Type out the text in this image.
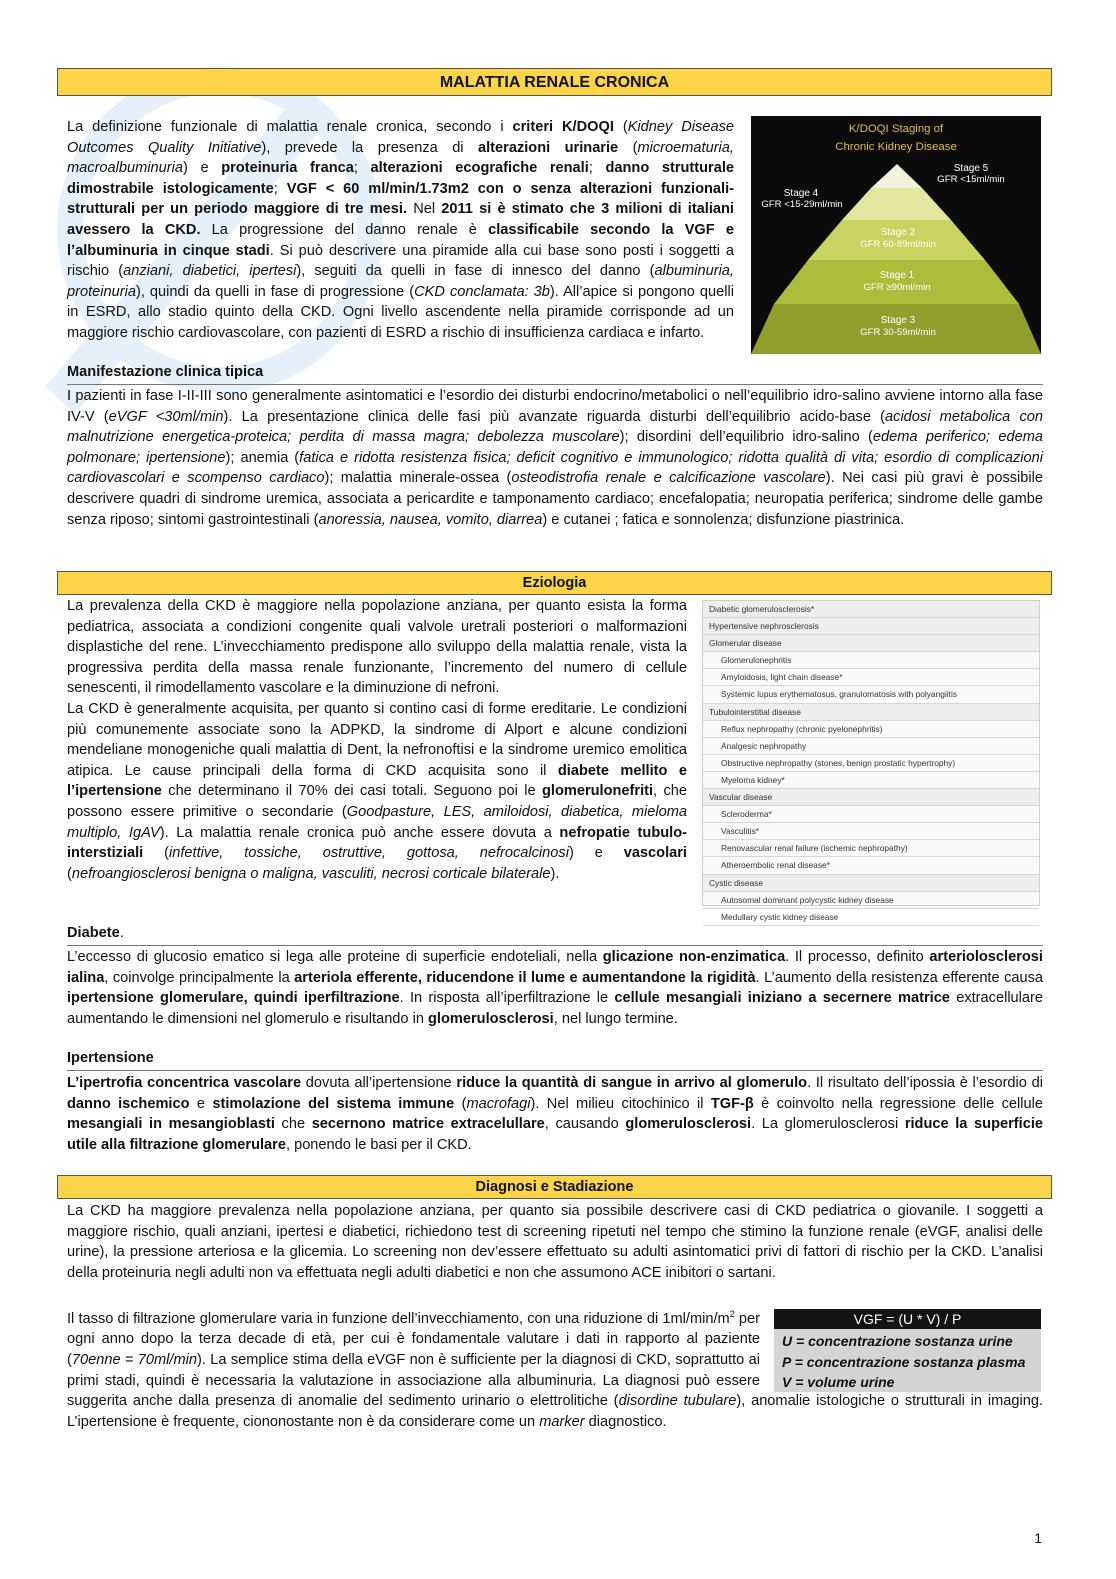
MALATTIA RENALE CRONICA

La definizione funzionale di malattia renale cronica, secondo i criteri K/DOQI (Kidney Disease Outcomes Quality Initiative), prevede la presenza di alterazioni urinarie (microematuria, macroalbuminuria) e proteinuria franca; alterazioni ecografiche renali; danno strutturale dimostrabile istologicamente; VGF < 60 ml/min/1.73m2 con o senza alterazioni funzionali-strutturali per un periodo maggiore di tre mesi. Nel 2011 si è stimato che 3 milioni di italiani avessero la CKD. La progressione del danno renale è classificabile secondo la VGF e l’albuminuria in cinque stadi. Si può descrivere una piramide alla cui base sono posti i soggetti a rischio (anziani, diabetici, ipertesi), seguiti da quelli in fase di innesco del danno (albuminuria, proteinuria), quindi da quelli in fase di progressione (CKD conclamata: 3b). All’apice si pongono quelli in ESRD, allo stadio quinto della CKD. Ogni livello ascendente nella piramide corrisponde ad un maggiore rischio cardiovascolare, con pazienti di ESRD a rischio di insufficienza cardiaca e infarto.

K/DOQI Staging of
Chronic Kidney Disease
Stage 5
GFR <15ml/min
Stage 4
GFR <15-29ml/min
Stage 2
GFR 60-89ml/min
Stage 1
GFR ≥90ml/min
Stage 3
GFR 30-59ml/min
Manifestazione clinica tipica

I pazienti in fase I-II-III sono generalmente asintomatici e l’esordio dei disturbi endocrino/metabolici o nell’equilibrio idro-salino avviene intorno alla fase IV-V (eVGF <30ml/min). La presentazione clinica delle fasi più avanzate riguarda disturbi dell’equilibrio acido-base (acidosi metabolica con malnutrizione energetica-proteica; perdita di massa magra; debolezza muscolare); disordini dell’equilibrio idro-salino (edema periferico; edema polmonare; ipertensione); anemia (fatica e ridotta resistenza fisica; deficit cognitivo e immunologico; ridotta qualità di vita; esordio di complicazioni cardiovascolari e scompenso cardiaco); malattia minerale-ossea (osteodistrofia renale e calcificazione vascolare). Nei casi più gravi è possibile descrivere quadri di sindrome uremica, associata a pericardite e tamponamento cardiaco; encefalopatia; neuropatia periferica; sindrome delle gambe senza riposo; sintomi gastrointestinali (anoressia, nausea, vomito, diarrea) e cutanei ; fatica e sonnolenza; disfunzione piastrinica.

Eziologia

La prevalenza della CKD è maggiore nella popolazione anziana, per quanto esista la forma pediatrica, associata a condizioni congenite quali valvole uretrali posteriori o malformazioni displastiche del rene. L’invecchiamento predispone allo sviluppo della malattia renale, vista la progressiva perdita della massa renale funzionante, l’incremento del numero di cellule senescenti, il rimodellamento vascolare e la diminuzione di nefroni.

La CKD è generalmente acquisita, per quanto si contino casi di forme ereditarie. Le condizioni più comunemente associate sono la ADPKD, la sindrome di Alport e alcune condizioni mendeliane monogeniche quali malattia di Dent, la nefronoftisi e la sindrome uremico emolitica atipica. Le cause principali della forma di CKD acquisita sono il diabete mellito e l’ipertensione che determinano il 70% dei casi totali. Seguono poi le glomerulonefriti, che possono essere primitive o secondarie (Goodpasture, LES, amiloidosi, diabetica, mieloma multiplo, IgAV). La malattia renale cronica può anche essere dovuta a nefropatie tubulo-interstiziali (infettive, tossiche, ostruttive, gottosa, nefrocalcinosi) e vascolari (nefroangiosclerosi benigna o maligna, vasculiti, necrosi corticale bilaterale).

Diabetic glomerulosclerosis*
Hypertensive nephrosclerosis
Glomerular disease
Glomerulonephritis
Amyloidosis, light chain disease*
Systemic lupus erythematosus, granulomatosis with polyangiitis
Tubulointerstitial disease
Reflux nephropathy (chronic pyelonephritis)
Analgesic nephropathy
Obstructive nephropathy (stones, benign prostatic hypertrophy)
Myeloma kidney*
Vascular disease
Scleroderma*
Vasculitis*
Renovascular renal failure (ischemic nephropathy)
Atheroembolic renal disease*
Cystic disease
Autosomal dominant polycystic kidney disease
Medullary cystic kidney disease
Diabete.

L’eccesso di glucosio ematico si lega alle proteine di superficie endoteliali, nella glicazione non-enzimatica. Il processo, definito arteriolosclerosi ialina, coinvolge principalmente la arteriola efferente, riducendone il lume e aumentandone la rigidità. L’aumento della resistenza efferente causa ipertensione glomerulare, quindi iperfiltrazione. In risposta all’iperfiltrazione le cellule mesangiali iniziano a secernere matrice extracellulare aumentando le dimensioni nel glomerulo e risultando in glomerulosclerosi, nel lungo termine.

Ipertensione

L’ipertrofia concentrica vascolare dovuta all’ipertensione riduce la quantità di sangue in arrivo al glomerulo. Il risultato dell’ipossia è l’esordio di danno ischemico e stimolazione del sistema immune (macrofagi). Nel milieu citochinico il TGF-β è coinvolto nella regressione delle cellule mesangiali in mesangioblasti che secernono matrice extracelullare, causando glomerulosclerosi. La glomerulosclerosi riduce la superficie utile alla filtrazione glomerulare, ponendo le basi per il CKD.

Diagnosi e Stadiazione

La CKD ha maggiore prevalenza nella popolazione anziana, per quanto sia possibile descrivere casi di CKD pediatrica o giovanile. I soggetti a maggiore rischio, quali anziani, ipertesi e diabetici, richiedono test di screening ripetuti nel tempo che stimino la funzione renale (eVGF, analisi delle urine), la pressione arteriosa e la glicemia. Lo screening non dev’essere effettuato su adulti asintomatici privi di fattori di rischio per la CKD. L’analisi della proteinuria negli adulti non va effettuata negli adulti diabetici e non che assumono ACE inibitori o sartani.

Il tasso di filtrazione glomerulare varia in funzione dell’invecchiamento, con una riduzione di $1ml/\min/m^2$ per ogni anno dopo la terza decade di età, per cui è fondamentale valutare i dati in rapporto al paziente (70enne = 70ml/min). La semplice stima della eVGF non è sufficiente per la diagnosi di CKD, soprattutto ai primi stadi, quindi è necessaria la valutazione in associazione alla albuminuria. La diagnosi può essere suggerita anche dalla presenza di anomalie del sedimento urinario o elettrolitiche (disordine tubulare), anomalie istologiche o strutturali in imaging. L’ipertensione è frequente, ciononostante non è da considerare come un marker diagnostico.

VGF = (U * V) / P
U = concentrazione sostanza urine
P = concentrazione sostanza plasma
V = volume urine
1
